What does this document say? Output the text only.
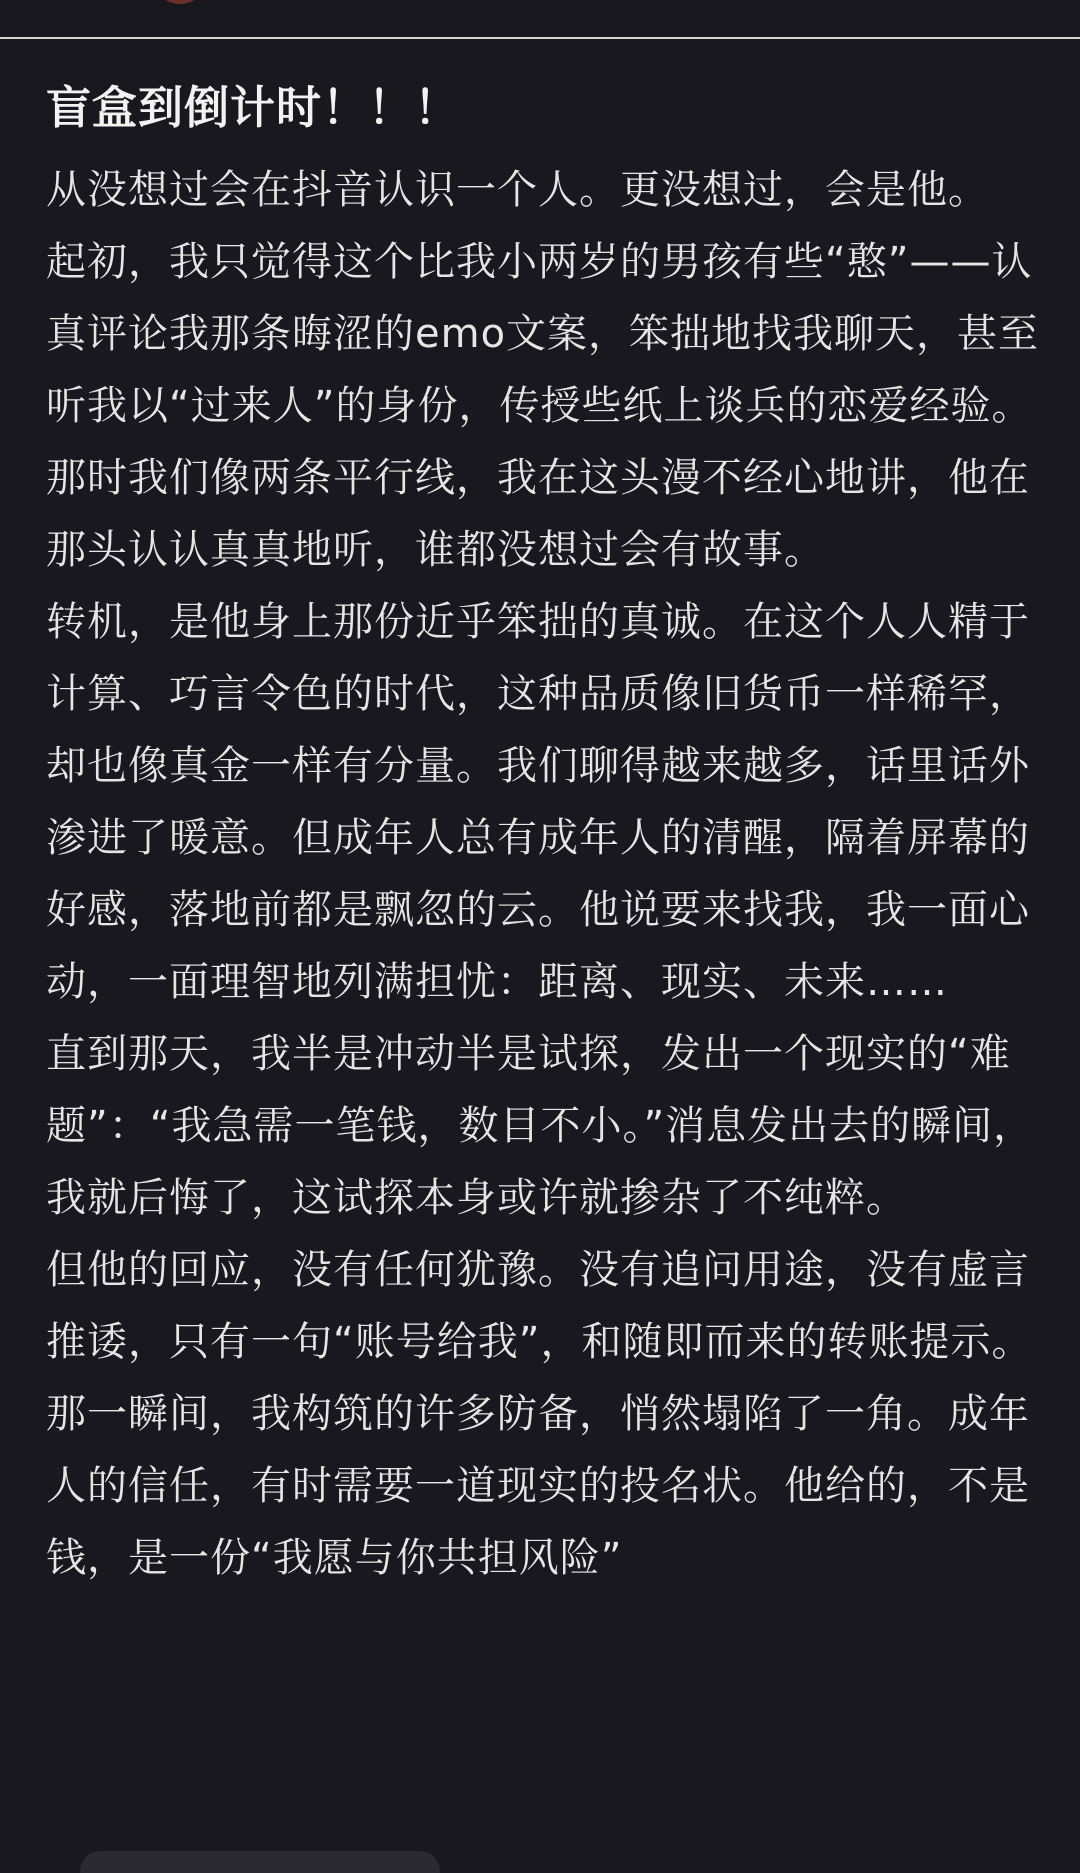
盲盒到倒计时！！！

从没想过会在抖音认识一个人。更没想过，会是他。

起初，我只觉得这个比我小两岁的男孩有些“憨”——认真评论我那条晦涩的emo文案，笨拙地找我聊天，甚至听我以“过来人”的身份，传授些纸上谈兵的恋爱经验。那时我们像两条平行线，我在这头漫不经心地讲，他在那头认认真真地听，谁都没想过会有故事。

转机，是他身上那份近乎笨拙的真诚。在这个人人精于计算、巧言令色的时代，这种品质像旧货币一样稀罕，却也像真金一样有分量。我们聊得越来越多，话里话外渗进了暖意。但成年人总有成年人的清醒，隔着屏幕的好感，落地前都是飘忽的云。他说要来找我，我一面心动，一面理智地列满担忧：距离、现实、未来……

直到那天，我半是冲动半是试探，发出一个现实的“难题”：“我急需一笔钱，数目不小。”消息发出去的瞬间，我就后悔了，这试探本身或许就掺杂了不纯粹。

但他的回应，没有任何犹豫。没有追问用途，没有虚言推诿，只有一句“账号给我”，和随即而来的转账提示。

那一瞬间，我构筑的许多防备，悄然塌陷了一角。成年人的信任，有时需要一道现实的投名状。他给的，不是钱，是一份“我愿与你共担风险”
